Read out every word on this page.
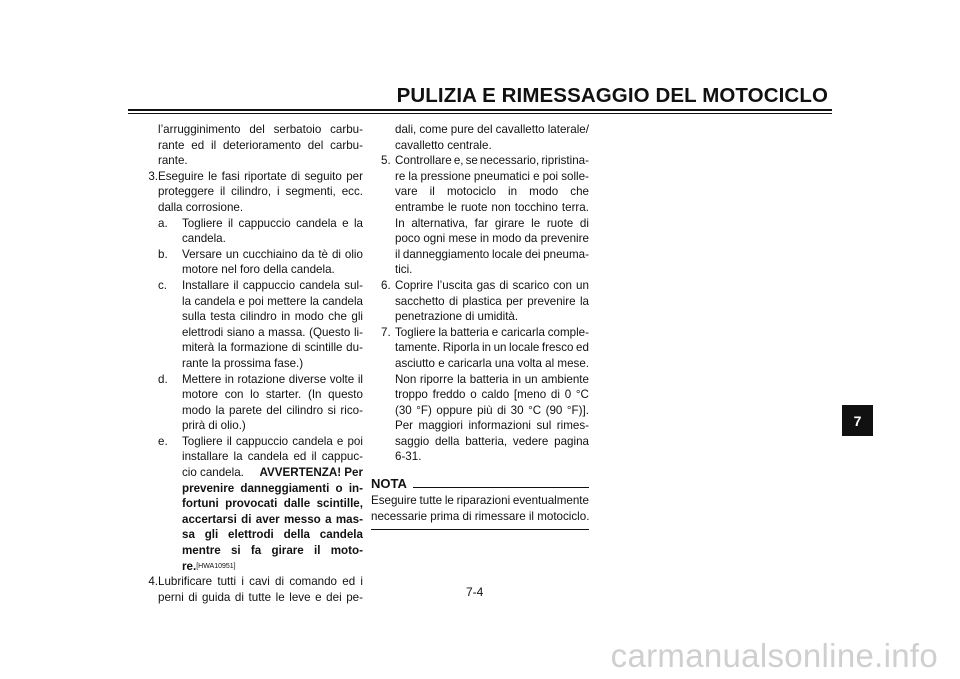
PULIZIA E RIMESSAGGIO DEL MOTOCICLO
l’arrugginimento del serbatoio carbu-
rante ed il deterioramento del carbu-
rante.
3. Eseguire le fasi riportate di seguito per
proteggere il cilindro, i segmenti, ecc.
dalla corrosione.
a.	Togliere il cappuccio candela e la
candela.
b.	Versare un cucchiaino da tè di olio
motore nel foro della candela.
c.	Installare il cappuccio candela sul-
la candela e poi mettere la candela
sulla testa cilindro in modo che gli
elettrodi siano a massa. (Questo li-
miterà la formazione di scintille du-
rante la prossima fase.)
d.	Mettere in rotazione diverse volte il
motore con lo starter. (In questo
modo la parete del cilindro si rico-
prirà di olio.)
e.	Togliere il cappuccio candela e poi
installare la candela ed il cappuc-
cio candela. AVVERTENZA! Per
prevenire danneggiamenti o in-
fortuni provocati dalle scintille,
accertarsi di aver messo a mas-
sa gli elettrodi della candela
mentre si fa girare il moto-
re. [HWA10951]
4. Lubrificare tutti i cavi di comando ed i
perni di guida di tutte le leve e dei pe-
dali, come pure del cavalletto laterale/
cavalletto centrale.
5. Controllare e, se necessario, ripristina-
re la pressione pneumatici e poi solle-
vare il motociclo in modo che
entrambe le ruote non tocchino terra.
In alternativa, far girare le ruote di
poco ogni mese in modo da prevenire
il danneggiamento locale dei pneuma-
tici.
6. Coprire l’uscita gas di scarico con un
sacchetto di plastica per prevenire la
penetrazione di umidità.
7. Togliere la batteria e caricarla comple-
tamente. Riporla in un locale fresco ed
asciutto e caricarla una volta al mese.
Non riporre la batteria in un ambiente
troppo freddo o caldo [meno di 0 °C
(30 °F) oppure più di 30 °C (90 °F)].
Per maggiori informazioni sul rimes-
saggio della batteria, vedere pagina
6-31.
NOTA
Eseguire tutte le riparazioni eventualmente
necessarie prima di rimessare il motociclo.
7-4
7
carmanualsonline.info
